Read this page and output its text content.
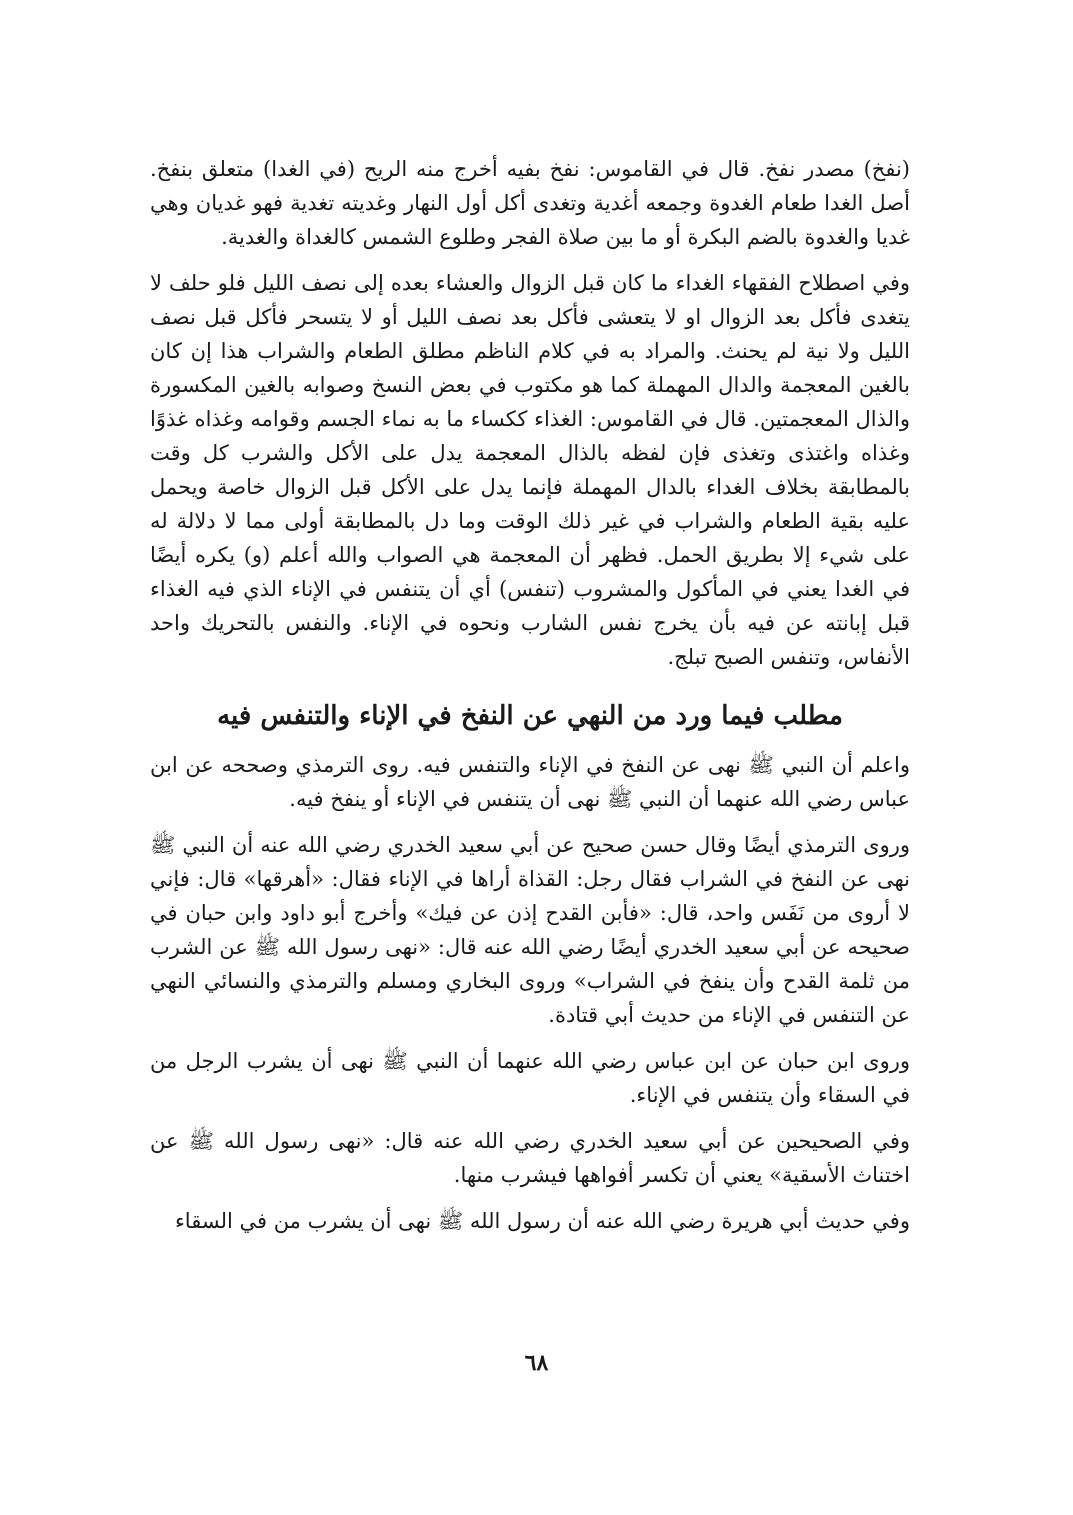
(نفخ) مصدر نفخ. قال في القاموس: نفخ بفيه أخرج منه الريح (في الغدا) متعلق بنفخ. أصل الغدا طعام الغدوة وجمعه أغدية وتغدى أكل أول النهار وغديته تغدية فهو غديان وهي غديا والغدوة بالضم البكرة أو ما بين صلاة الفجر وطلوع الشمس كالغداة والغدية.

وفي اصطلاح الفقهاء الغداء ما كان قبل الزوال والعشاء بعده إلى نصف الليل فلو حلف لا يتغدى فأكل بعد الزوال او لا يتعشى فأكل بعد نصف الليل أو لا يتسحر فأكل قبل نصف الليل ولا نية لم يحنث. والمراد به في كلام الناظم مطلق الطعام والشراب هذا إن كان بالغين المعجمة والدال المهملة كما هو مكتوب في بعض النسخ وصوابه بالغين المكسورة والذال المعجمتين. قال في القاموس: الغذاء ككساء ما به نماء الجسم وقوامه وغذاه غذوًا وغذاه واغتذى وتغذى فإن لفظه بالذال المعجمة يدل على الأكل والشرب كل وقت بالمطابقة بخلاف الغداء بالدال المهملة فإنما يدل على الأكل قبل الزوال خاصة ويحمل عليه بقية الطعام والشراب في غير ذلك الوقت وما دل بالمطابقة أولى مما لا دلالة له على شيء إلا بطريق الحمل. فظهر أن المعجمة هي الصواب والله أعلم (و) يكره أيضًا في الغدا يعني في المأكول والمشروب (تنفس) أي أن يتنفس في الإناء الذي فيه الغذاء قبل إبانته عن فيه بأن يخرج نفس الشارب ونحوه في الإناء. والنفس بالتحريك واحد الأنفاس، وتنفس الصبح تبلج.

مطلب فيما ورد من النهي عن النفخ في الإناء والتنفس فيه

واعلم أن النبي ﷺ نهى عن النفخ في الإناء والتنفس فيه. روى الترمذي وصححه عن ابن عباس رضي الله عنهما أن النبي ﷺ نهى أن يتنفس في الإناء أو ينفخ فيه.

وروى الترمذي أيضًا وقال حسن صحيح عن أبي سعيد الخدري رضي الله عنه أن النبي ﷺ نهى عن النفخ في الشراب فقال رجل: القذاة أراها في الإناء فقال: «أهرقها» قال: فإني لا أروى من نَفَس واحد، قال: «فأبن القدح إذن عن فيك» وأخرج أبو داود وابن حبان في صحيحه عن أبي سعيد الخدري أيضًا رضي الله عنه قال: «نهى رسول الله ﷺ عن الشرب من ثلمة القدح وأن ينفخ في الشراب» وروى البخاري ومسلم والترمذي والنسائي النهي عن التنفس في الإناء من حديث أبي قتادة.

وروى ابن حبان عن ابن عباس رضي الله عنهما أن النبي ﷺ نهى أن يشرب الرجل من في السقاء وأن يتنفس في الإناء.

وفي الصحيحين عن أبي سعيد الخدري رضي الله عنه قال: «نهى رسول الله ﷺ عن اختناث الأسقية» يعني أن تكسر أفواهها فيشرب منها.

وفي حديث أبي هريرة رضي الله عنه أن رسول الله ﷺ نهى أن يشرب من في السقاء

٦٨
